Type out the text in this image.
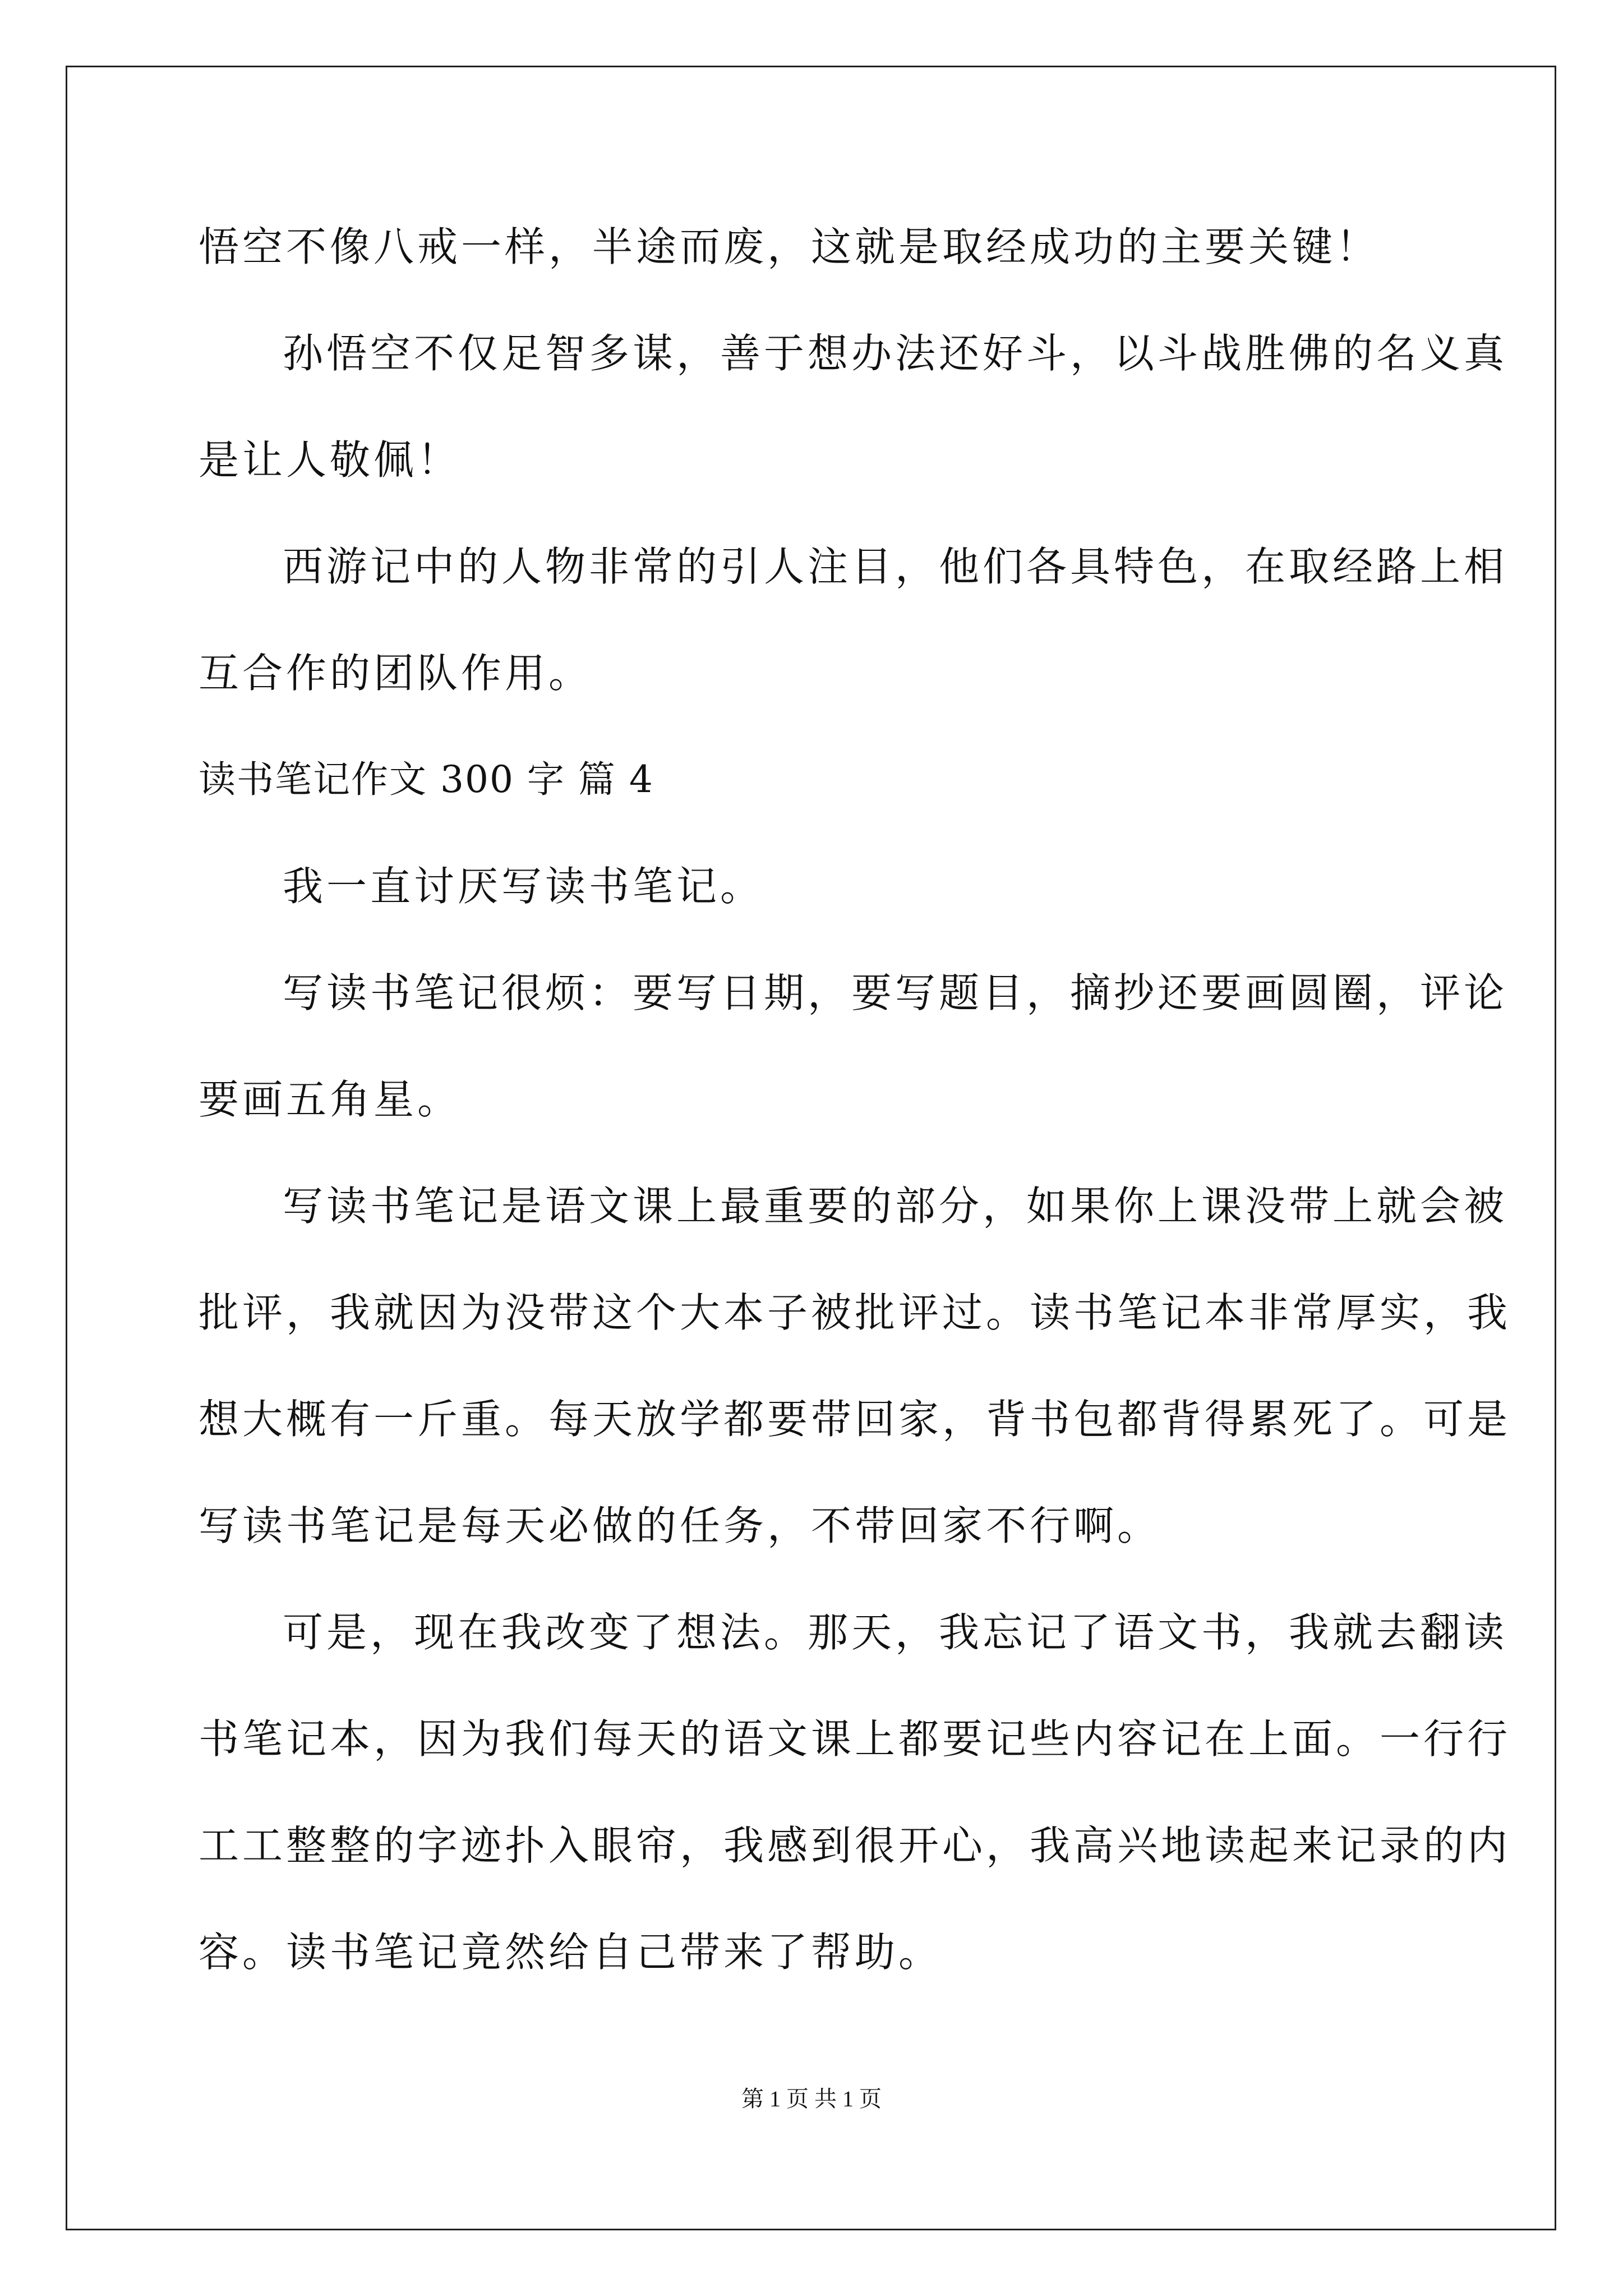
悟空不像八戒一样，半途而废，这就是取经成功的主要关键！
孙悟空不仅足智多谋，善于想办法还好斗，以斗战胜佛的名义真
是让人敬佩！
西游记中的人物非常的引人注目，他们各具特色，在取经路上相
互合作的团队作用。
读书笔记作文 300 字 篇 4
我一直讨厌写读书笔记。
写读书笔记很烦：要写日期，要写题目，摘抄还要画圆圈，评论
要画五角星。
写读书笔记是语文课上最重要的部分，如果你上课没带上就会被
批评，我就因为没带这个大本子被批评过。读书笔记本非常厚实，我
想大概有一斤重。每天放学都要带回家，背书包都背得累死了。可是
写读书笔记是每天必做的任务，不带回家不行啊。
可是，现在我改变了想法。那天，我忘记了语文书，我就去翻读
书笔记本，因为我们每天的语文课上都要记些内容记在上面。一行行
工工整整的字迹扑入眼帘，我感到很开心，我高兴地读起来记录的内
容。读书笔记竟然给自己带来了帮助。
第 1 页 共 1 页
